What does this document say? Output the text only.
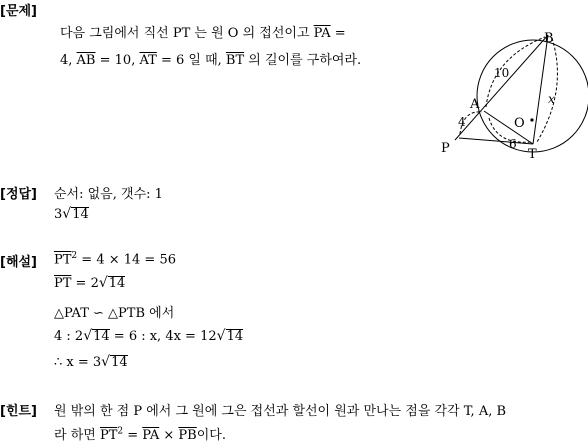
[문제]
다음 그림에서 직선 PT 는 원 O 의 접선이고 $\overline{PA}$ =
4, $\overline{AB} = 10$, $\overline{AT} = 6$ 일 때, $\overline{BT}$ 의 길이를 구하여라.
B
A
O
T
P
x
10
4
6
[정답] 순서: 없음, 갯수: 1
3√14
[해설] $\overline{PT}^2 = 4 \times 14 = 56$
$\overline{PT} = 2√14$
△PAT ∽ △PTB 에서
4 : 2√14 = 6 : x, 4x = 12√14
∴ x = 3√14
[힌트] 원 밖의 한 점 P 에서 그 원에 그은 접선과 할선이 원과 만나는 점을 각각 T, A, B
라 하면 $\overline{PT}^2 = \overline{PA} \times \overline{PB}$이다.
